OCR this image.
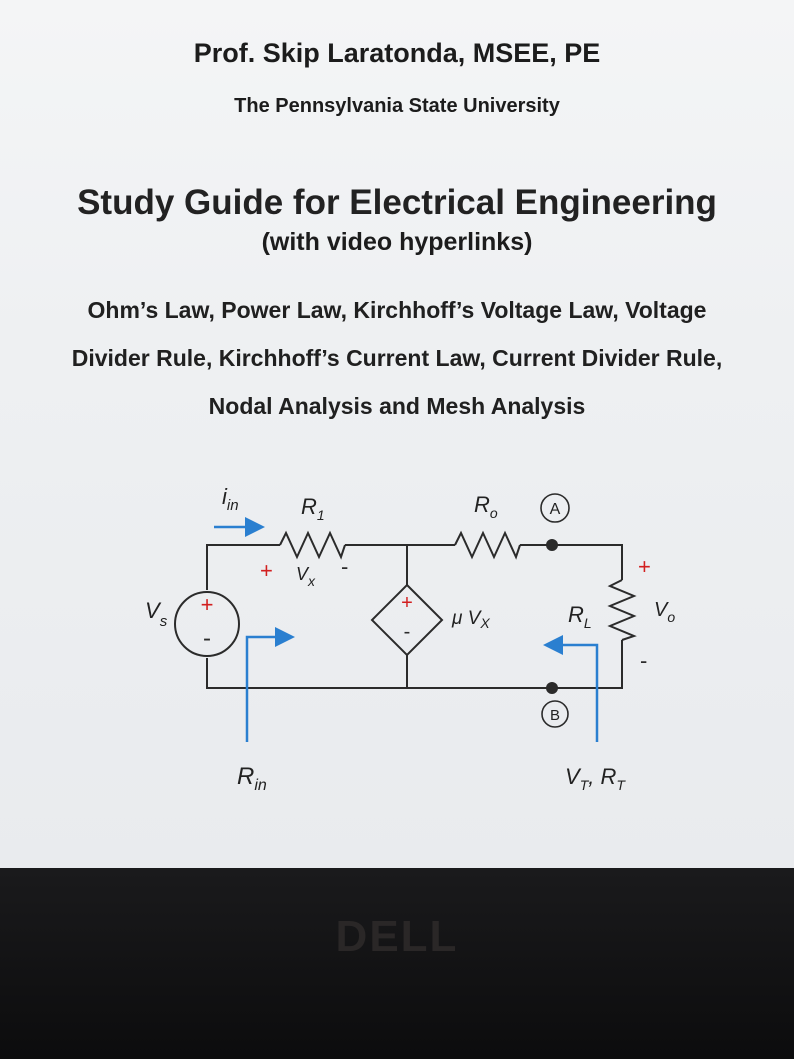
Prof. Skip Laratonda, MSEE, PE
The Pennsylvania State University
Study Guide for Electrical Engineering
(with video hyperlinks)
Ohm’s Law, Power Law, Kirchhoff’s Voltage Law, Voltage
Divider Rule, Kirchhoff’s Current Law, Current Divider Rule,
Nodal Analysis and Mesh Analysis
A
B
+
-
$V_s$
+
-
μ $V_X$
$R_1$	$R_o$
+ $V_x$
-
$i_{in}$
$R_{in}$	$V_T$, $R_T$
$R_L$
+
$V_o$
-
DELL
